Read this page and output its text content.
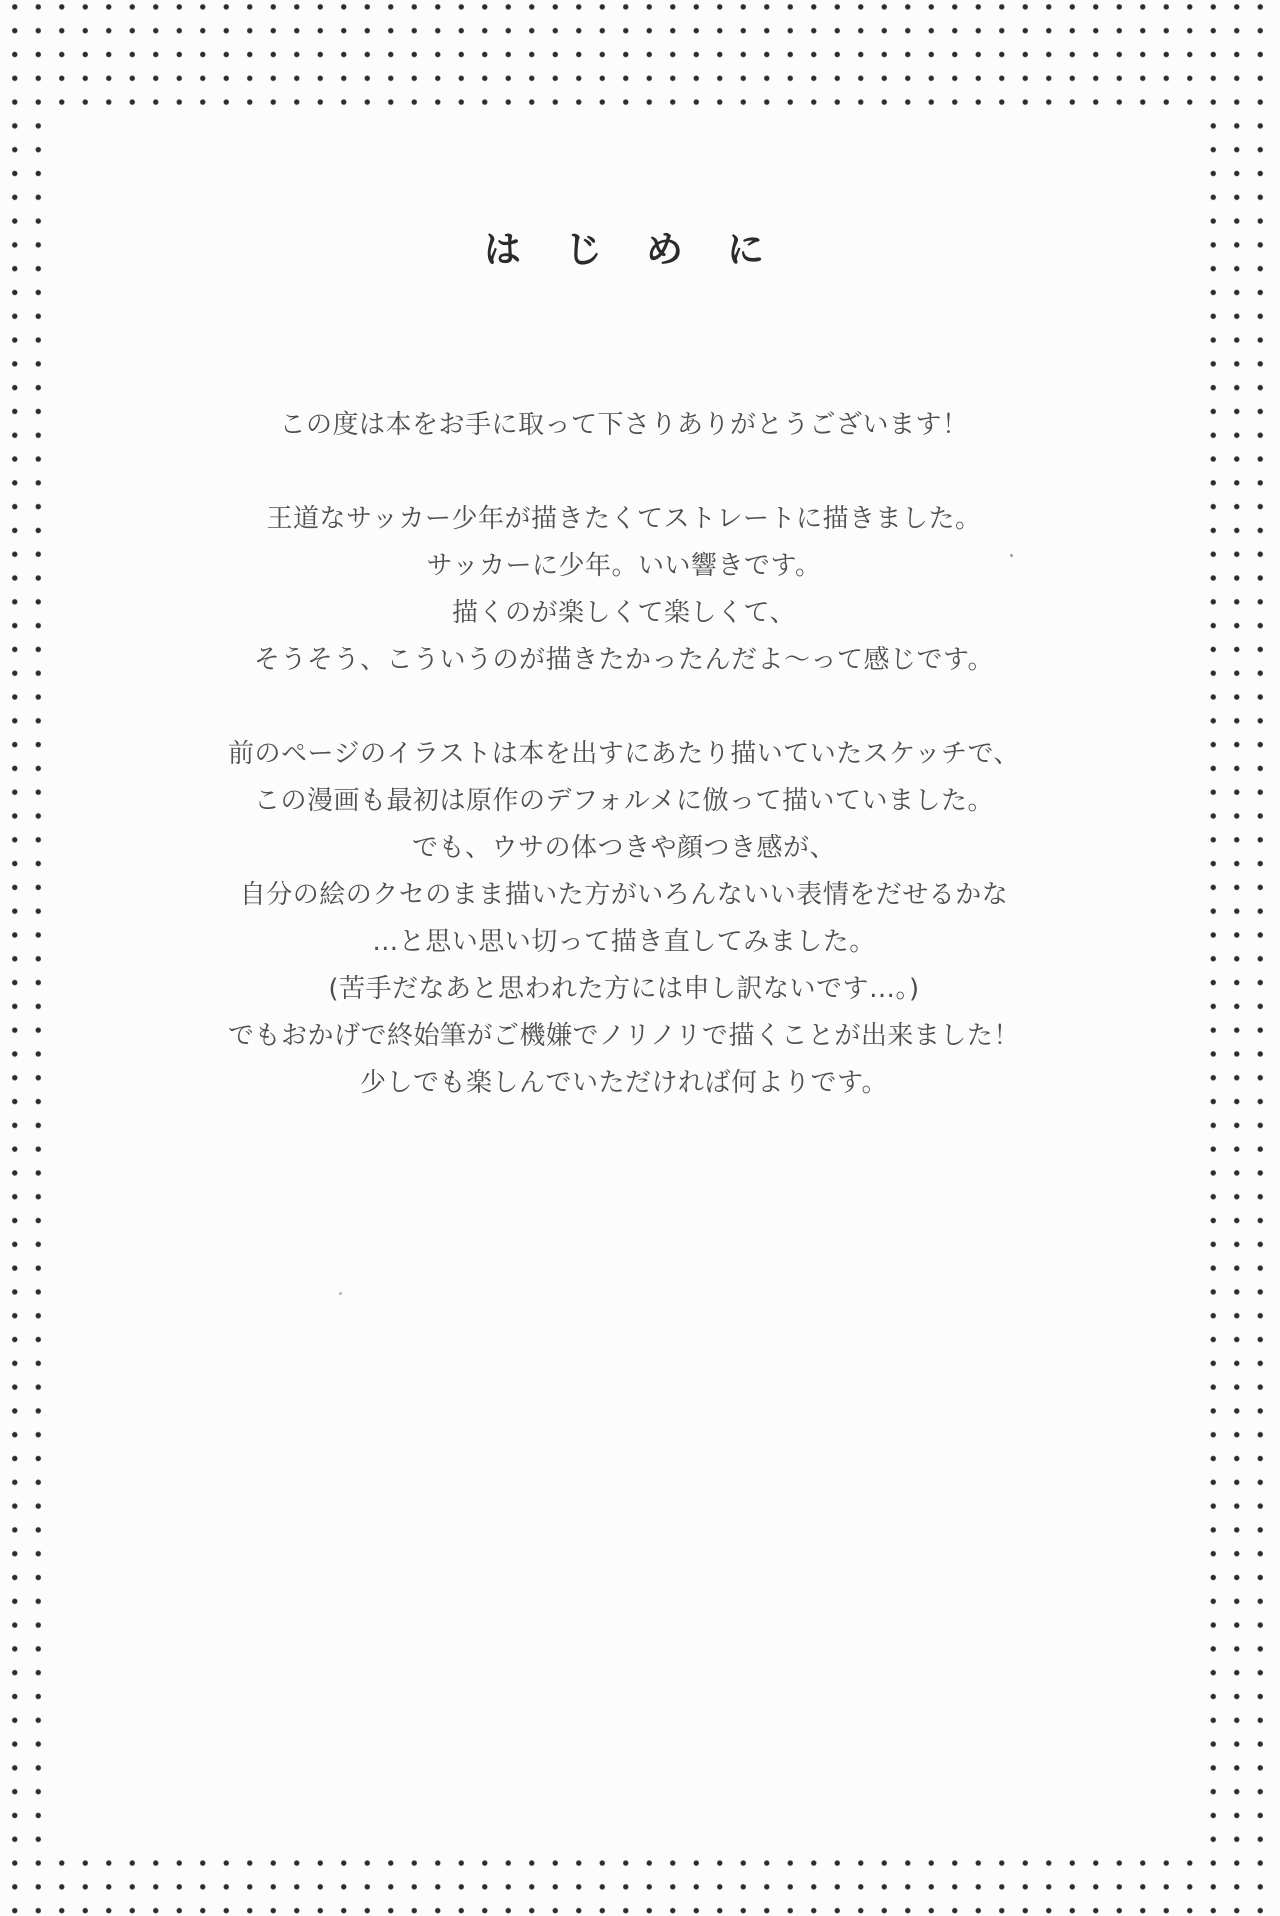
はじめに
この度は本をお手に取って下さりありがとうございます！
王道なサッカー少年が描きたくてストレートに描きました。
サッカーに少年。いい響きです。
描くのが楽しくて楽しくて、
そうそう、こういうのが描きたかったんだよ～って感じです。
前のページのイラストは本を出すにあたり描いていたスケッチで、
この漫画も最初は原作のデフォルメに倣って描いていました。
でも、ウサの体つきや顔つき感が、
自分の絵のクセのまま描いた方がいろんないい表情をだせるかな
…と思い思い切って描き直してみました。
(苦手だなあと思われた方には申し訳ないです…。)
でもおかげで終始筆がご機嫌でノリノリで描くことが出来ました！
少しでも楽しんでいただければ何よりです。
